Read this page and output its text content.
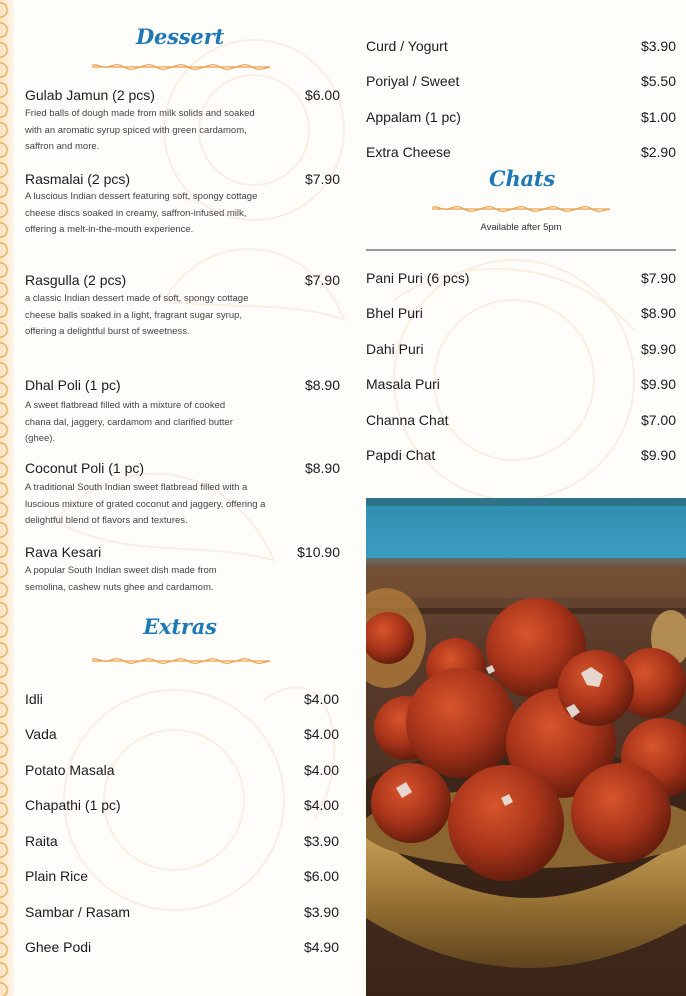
Dessert
Gulab Jamun (2 pcs)	$6.00
Fried balls of dough made from milk solids and soaked with an aromatic syrup spiced with green cardamom, saffron and more.
Rasmalai (2 pcs)	$7.90
A luscious Indian dessert featuring soft, spongy cottage cheese discs soaked in creamy, saffron-infused milk, offering a melt-in-the-mouth experience.
Rasgulla (2 pcs)	$7.90
a classic Indian dessert made of soft, spongy cottage cheese balls soaked in a light, fragrant sugar syrup, offering a delightful burst of sweetness.
Dhal Poli (1 pc)	$8.90
A sweet flatbread filled with a mixture of cooked chana dal, jaggery, cardamom and clarified butter (ghee).
Coconut Poli (1 pc)	$8.90
A traditional South Indian sweet flatbread filled with a luscious mixture of grated coconut and jaggery, offering a delightful blend of flavors and textures.
Rava Kesari	$10.90
A popular South Indian sweet dish made from semolina, cashew nuts ghee and cardamom.
Extras
Idli	$4.00
Vada	$4.00
Potato Masala	$4.00
Chapathi (1 pc)	$4.00
Raita	$3.90
Plain Rice	$6.00
Sambar / Rasam	$3.90
Ghee Podi	$4.90
Curd / Yogurt	$3.90
Poriyal / Sweet	$5.50
Appalam (1 pc)	$1.00
Extra Cheese	$2.90
Chats
Available after 5pm
Pani Puri (6 pcs)	$7.90
Bhel Puri	$8.90
Dahi Puri	$9.90
Masala Puri	$9.90
Channa Chat	$7.00
Papdi Chat	$9.90
